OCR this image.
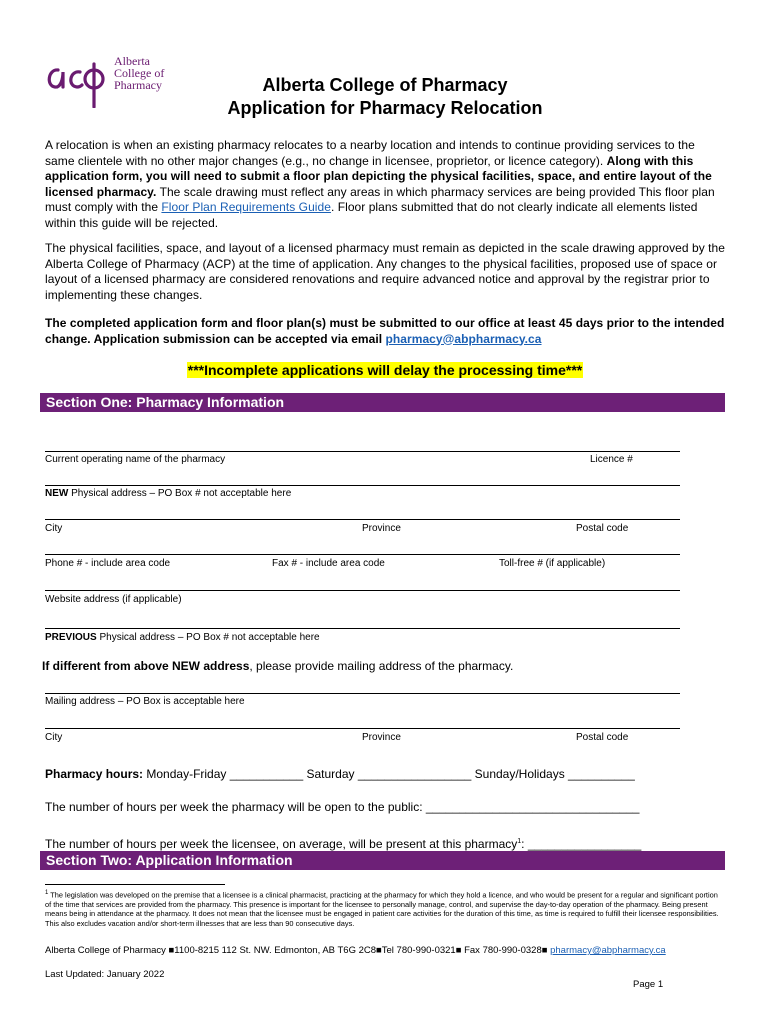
Alberta
College of
Pharmacy	Alberta College of Pharmacy
Application for Pharmacy Relocation
A relocation is when an existing pharmacy relocates to a nearby location and intends to continue providing services to the same clientele with no other major changes (e.g., no change in licensee, proprietor, or licence category). Along with this application form, you will need to submit a floor plan depicting the physical facilities, space, and entire layout of the licensed pharmacy. The scale drawing must reflect any areas in which pharmacy services are being provided This floor plan must comply with the Floor Plan Requirements Guide. Floor plans submitted that do not clearly indicate all elements listed within this guide will be rejected.
The physical facilities, space, and layout of a licensed pharmacy must remain as depicted in the scale drawing approved by the Alberta College of Pharmacy (ACP) at the time of application. Any changes to the physical facilities, proposed use of space or layout of a licensed pharmacy are considered renovations and require advanced notice and approval by the registrar prior to implementing these changes.
The completed application form and floor plan(s) must be submitted to our office at least 45 days prior to the intended change. Application submission can be accepted via email pharmacy@abpharmacy.ca
***Incomplete applications will delay the processing time***
Section One: Pharmacy Information
Current operating name of the pharmacy	Licence #
NEW Physical address – PO Box # not acceptable here
City	Province	Postal code
Phone # - include area code	Fax # - include area code	Toll-free # (if applicable)
Website address (if applicable)
PREVIOUS Physical address – PO Box # not acceptable here
If different from above NEW address, please provide mailing address of the pharmacy.
Mailing address – PO Box is acceptable here
City	Province	Postal code
Pharmacy hours: Monday-Friday ___________ Saturday _________________ Sunday/Holidays __________
The number of hours per week the pharmacy will be open to the public: ________________________________
The number of hours per week the licensee, on average, will be present at this pharmacy$^1$: _________________
Section Two: Application Information
$^1$ The legislation was developed on the premise that a licensee is a clinical pharmacist, practicing at the pharmacy for which they hold a licence, and who would be present for a regular and significant portion of the time that services are provided from the pharmacy. This presence is important for the licensee to personally manage, control, and supervise the day-to-day operation of the pharmacy. Being present means being in attendance at the pharmacy. It does not mean that the licensee must be engaged in patient care activities for the duration of this time, as time is required to fulfill their licensee responsibilities. This also excludes vacation and/or short-term illnesses that are less than 90 consecutive days.
Alberta College of Pharmacy ■1100-8215 112 St. NW. Edmonton, AB T6G 2C8■Tel 780-990-0321■ Fax 780-990-0328■ pharmacy@abpharmacy.ca
Last Updated: January 2022
Page 1
